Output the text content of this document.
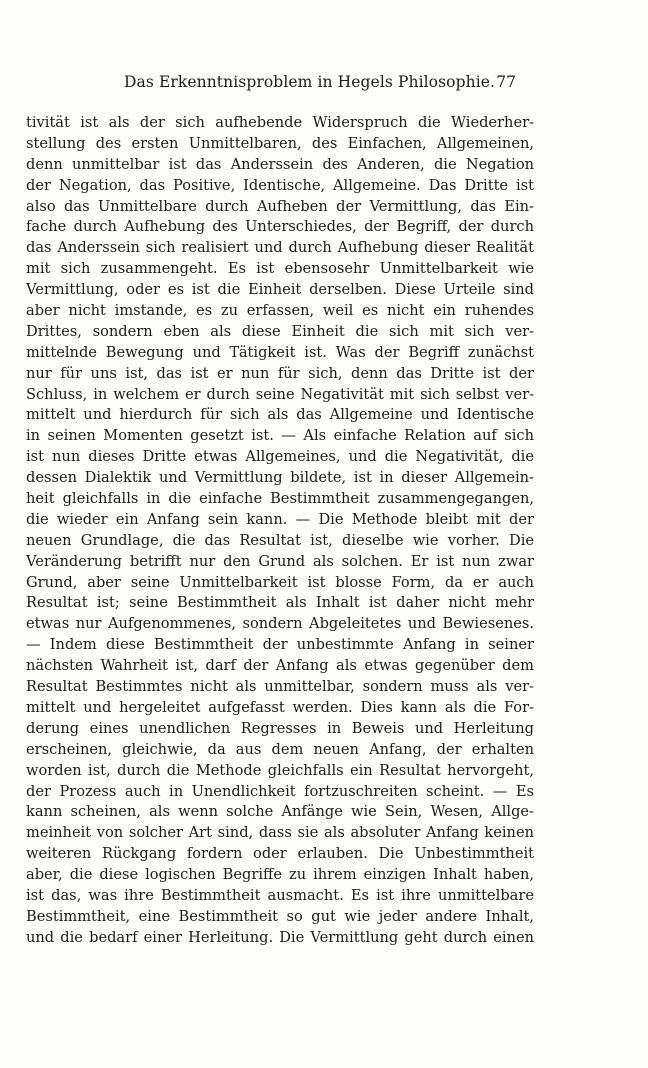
Das Erkenntnisproblem in Hegels Philosophie. 77
tivität ist als der sich aufhebende Widerspruch die Wiederher-
stellung des ersten Unmittelbaren, des Einfachen, Allgemeinen,
denn unmittelbar ist das Anderssein des Anderen, die Negation
der Negation, das Positive, Identische, Allgemeine. Das Dritte ist
also das Unmittelbare durch Aufheben der Vermittlung, das Ein-
fache durch Aufhebung des Unterschiedes, der Begriff, der durch
das Anderssein sich realisiert und durch Aufhebung dieser Realität
mit sich zusammengeht. Es ist ebensosehr Unmittelbarkeit wie
Vermittlung, oder es ist die Einheit derselben. Diese Urteile sind
aber nicht imstande, es zu erfassen, weil es nicht ein ruhendes
Drittes, sondern eben als diese Einheit die sich mit sich ver-
mittelnde Bewegung und Tätigkeit ist. Was der Begriff zunächst
nur für uns ist, das ist er nun für sich, denn das Dritte ist der
Schluss, in welchem er durch seine Negativität mit sich selbst ver-
mittelt und hierdurch für sich als das Allgemeine und Identische
in seinen Momenten gesetzt ist. — Als einfache Relation auf sich
ist nun dieses Dritte etwas Allgemeines, und die Negativität, die
dessen Dialektik und Vermittlung bildete, ist in dieser Allgemein-
heit gleichfalls in die einfache Bestimmtheit zusammengegangen,
die wieder ein Anfang sein kann. — Die Methode bleibt mit der
neuen Grundlage, die das Resultat ist, dieselbe wie vorher. Die
Veränderung betrifft nur den Grund als solchen. Er ist nun zwar
Grund, aber seine Unmittelbarkeit ist blosse Form, da er auch
Resultat ist; seine Bestimmtheit als Inhalt ist daher nicht mehr
etwas nur Aufgenommenes, sondern Abgeleitetes und Bewiesenes.
— Indem diese Bestimmtheit der unbestimmte Anfang in seiner
nächsten Wahrheit ist, darf der Anfang als etwas gegenüber dem
Resultat Bestimmtes nicht als unmittelbar, sondern muss als ver-
mittelt und hergeleitet aufgefasst werden. Dies kann als die For-
derung eines unendlichen Regresses in Beweis und Herleitung
erscheinen, gleichwie, da aus dem neuen Anfang, der erhalten
worden ist, durch die Methode gleichfalls ein Resultat hervorgeht,
der Prozess auch in Unendlichkeit fortzuschreiten scheint. — Es
kann scheinen, als wenn solche Anfänge wie Sein, Wesen, Allge-
meinheit von solcher Art sind, dass sie als absoluter Anfang keinen
weiteren Rückgang fordern oder erlauben. Die Unbestimmtheit
aber, die diese logischen Begriffe zu ihrem einzigen Inhalt haben,
ist das, was ihre Bestimmtheit ausmacht. Es ist ihre unmittelbare
Bestimmtheit, eine Bestimmtheit so gut wie jeder andere Inhalt,
und die bedarf einer Herleitung. Die Vermittlung geht durch einen
